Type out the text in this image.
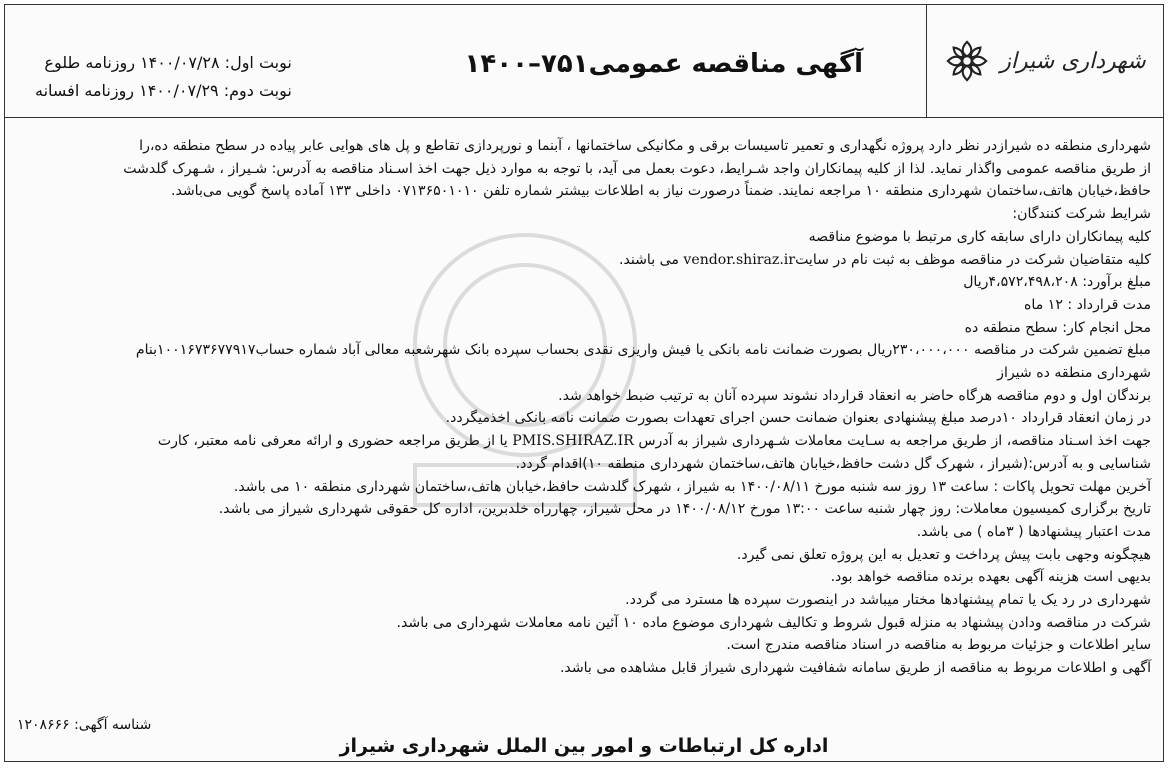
شهرداری شیراز
آگهی مناقصه عمومی۷۵۱–۱۴۰۰
نوبت اول: ۱۴۰۰/۰۷/۲۸ روزنامه طلوع
نوبت دوم: ۱۴۰۰/۰۷/۲۹ روزنامه افسانه

شهرداری منطقه ده شیرازدر نظر دارد پروژه نگهداری و تعمیر تاسیسات برقی و مکانیکی ساختمانها ، آبنما و نورپردازی تقاطع و پل های هوایی عابر پیاده در سطح منطقه ده،را

از طریق مناقصه عمومی واگذار نماید. لذا از کلیه پیمانکاران واجد شـرایط، دعوت بعمل می آید، با توجه به موارد ذیل جهت اخذ اسـناد مناقصه به آدرس: شـیراز ، شـهرک گلدشت

حافظ،خیابان هاتف،ساختمان شهرداری منطقه ۱۰ مراجعه نمایند. ضمناً درصورت نیاز به اطلاعات بیشتر شماره تلفن ۰۷۱۳۶۵۰۱۰۱۰ داخلی ۱۳۳ آماده پاسخ گویی می‌باشد.

شرایط شرکت کنندگان:

کلیه پیمانکاران دارای سابقه کاری مرتبط با موضوع مناقصه

کلیه متقاضیان شرکت در مناقصه موظف به ثبت نام در سایتvendor.shiraz.ir می باشند.

مبلغ برآورد: ۴،۵۷۲،۴۹۸،۲۰۸ریال

مدت قرارداد : ۱۲ ماه

محل انجام کار: سطح منطقه ده

مبلغ تضمین شرکت در مناقصه ۲۳۰،۰۰۰،۰۰۰ریال بصورت ضمانت نامه بانکی یا فیش واریزی نقدی بحساب سپرده بانک شهرشعبه معالی آباد شماره حساب۱۰۰۱۶۷۳۶۷۷۹۱۷بنام

شهرداری منطقه ده شیراز

برندگان اول و دوم مناقصه هرگاه حاضر به انعقاد قرارداد نشوند سپرده آنان به ترتیب ضبط خواهد شد.

در زمان انعقاد قرارداد ۱۰درصد مبلغ پیشنهادی بعنوان ضمانت حسن اجرای تعهدات بصورت ضمانت نامه بانکی اخذمیگردد.

جهت اخذ اسـناد مناقصه، از طریق مراجعه به سـایت معاملات شـهرداری شیراز به آدرس PMIS.SHIRAZ.IR یا از طریق مراجعه حضوری و ارائه معرفی نامه معتبر، کارت

شناسایی و به آدرس:(شیراز ، شهرک گل دشت حافظ،خیابان هاتف،ساختمان شهرداری منطقه ۱۰)اقدام گردد.

آخرین مهلت تحویل پاکات : ساعت ۱۳ روز سه شنبه مورخ ۱۴۰۰/۰۸/۱۱ به شیراز ، شهرک گلدشت حافظ،خیابان هاتف،ساختمان شهرداری منطقه ۱۰ می باشد.

تاریخ برگزاری کمیسیون معاملات: روز چهار شنبه ساعت ۱۳:۰۰ مورخ ۱۴۰۰/۰۸/۱۲ در محل شیراز، چهارراه خلدبرین، اداره کل حقوقی شهرداری شیراز می باشد.

مدت اعتبار پیشنهادها ( ۳ماه ) می باشد.

هیچگونه وجهی بابت پیش پرداخت و تعدیل به این پروژه تعلق نمی گیرد.

بدیهی است هزینه آگهی بعهده برنده مناقصه خواهد بود.

شهرداری در رد یک یا تمام پیشنهادها مختار میباشد در اینصورت سپرده ها مسترد می گردد.

شرکت در مناقصه ودادن پیشنهاد به منزله قبول شروط و تکالیف شهرداری موضوع ماده ۱۰ آئین نامه معاملات شهرداری می باشد.

سایر اطلاعات و جزئیات مربوط به مناقصه در اسناد مناقصه مندرج است.

آگهی و اطلاعات مربوط به مناقصه از طریق سامانه شفافیت شهرداری شیراز قابل مشاهده می باشد.

شناسه آگهی: ۱۲۰۸۶۶۶
اداره کل ارتباطات و امور بین الملل شهرداری شیراز
